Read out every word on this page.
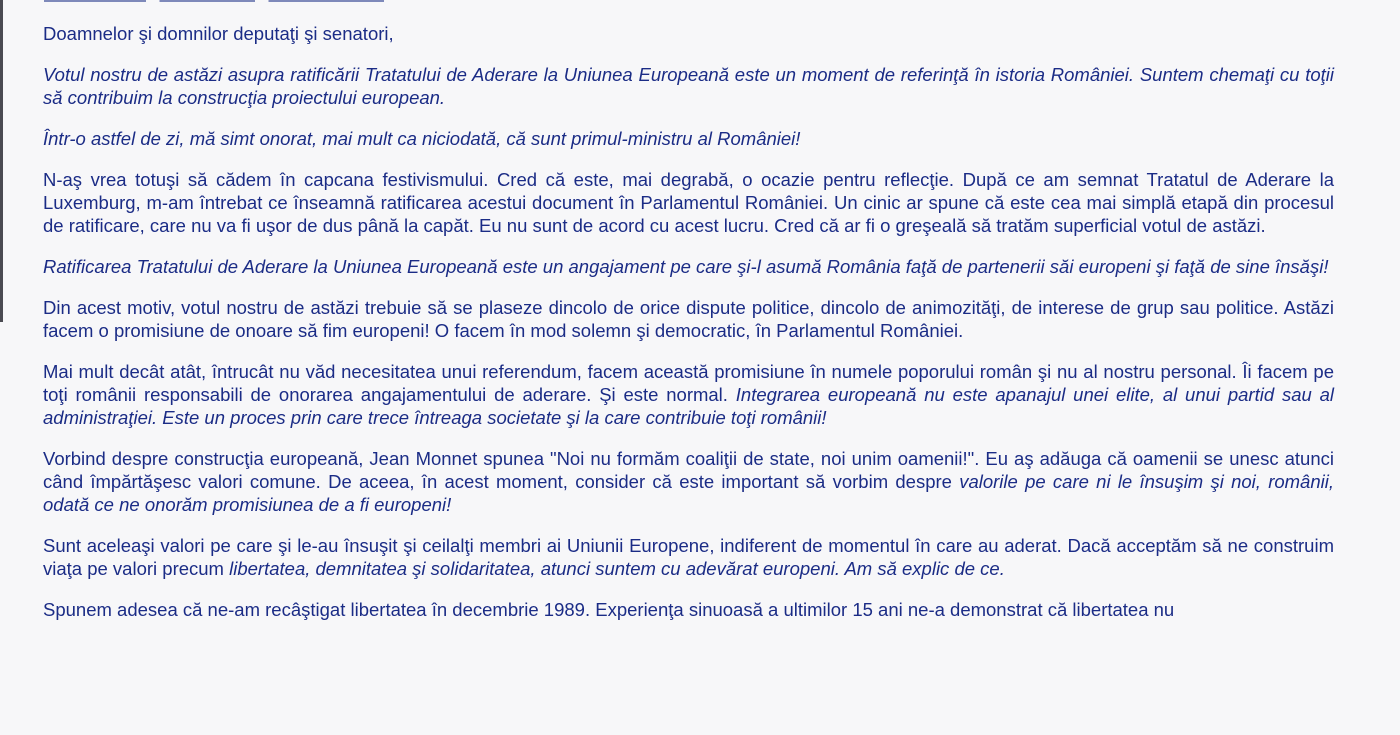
Doamnelor şi domnilor deputaţi şi senatori,

Votul nostru de astăzi asupra ratificării Tratatului de Aderare la Uniunea Europeană este un moment de referinţă în istoria României. Suntem chemaţi cu toţii să contribuim la construcţia proiectului european.

Într-o astfel de zi, mă simt onorat, mai mult ca niciodată, că sunt primul-ministru al României!

N-aş vrea totuşi să cădem în capcana festivismului. Cred că este, mai degrabă, o ocazie pentru reflecţie. După ce am semnat Tratatul de Aderare la Luxemburg, m-am întrebat ce înseamnă ratificarea acestui document în Parlamentul României. Un cinic ar spune că este cea mai simplă etapă din procesul de ratificare, care nu va fi uşor de dus până la capăt. Eu nu sunt de acord cu acest lucru. Cred că ar fi o greşeală să tratăm superficial votul de astăzi.

Ratificarea Tratatului de Aderare la Uniunea Europeană este un angajament pe care şi-l asumă România faţă de partenerii săi europeni şi faţă de sine însăşi!

Din acest motiv, votul nostru de astăzi trebuie să se plaseze dincolo de orice dispute politice, dincolo de animozităţi, de interese de grup sau politice. Astăzi facem o promisiune de onoare să fim europeni! O facem în mod solemn şi democratic, în Parlamentul României.

Mai mult decât atât, întrucât nu văd necesitatea unui referendum, facem această promisiune în numele poporului român şi nu al nostru personal. Îi facem pe toţi românii responsabili de onorarea angajamentului de aderare. Şi este normal. Integrarea europeană nu este apanajul unei elite, al unui partid sau al administraţiei. Este un proces prin care trece întreaga societate şi la care contribuie toţi românii!

Vorbind despre construcţia europeană, Jean Monnet spunea "Noi nu formăm coaliţii de state, noi unim oamenii!". Eu aş adăuga că oamenii se unesc atunci când împărtăşesc valori comune. De aceea, în acest moment, consider că este important să vorbim despre valorile pe care ni le însuşim şi noi, românii, odată ce ne onorăm promisiunea de a fi europeni!

Sunt aceleaşi valori pe care şi le-au însuşit şi ceilalţi membri ai Uniunii Europene, indiferent de momentul în care au aderat. Dacă acceptăm să ne construim viaţa pe valori precum libertatea, demnitatea şi solidaritatea, atunci suntem cu adevărat europeni. Am să explic de ce.

Spunem adesea că ne-am recâştigat libertatea în decembrie 1989. Experienţa sinuoasă a ultimilor 15 ani ne-a demonstrat că libertatea nu
